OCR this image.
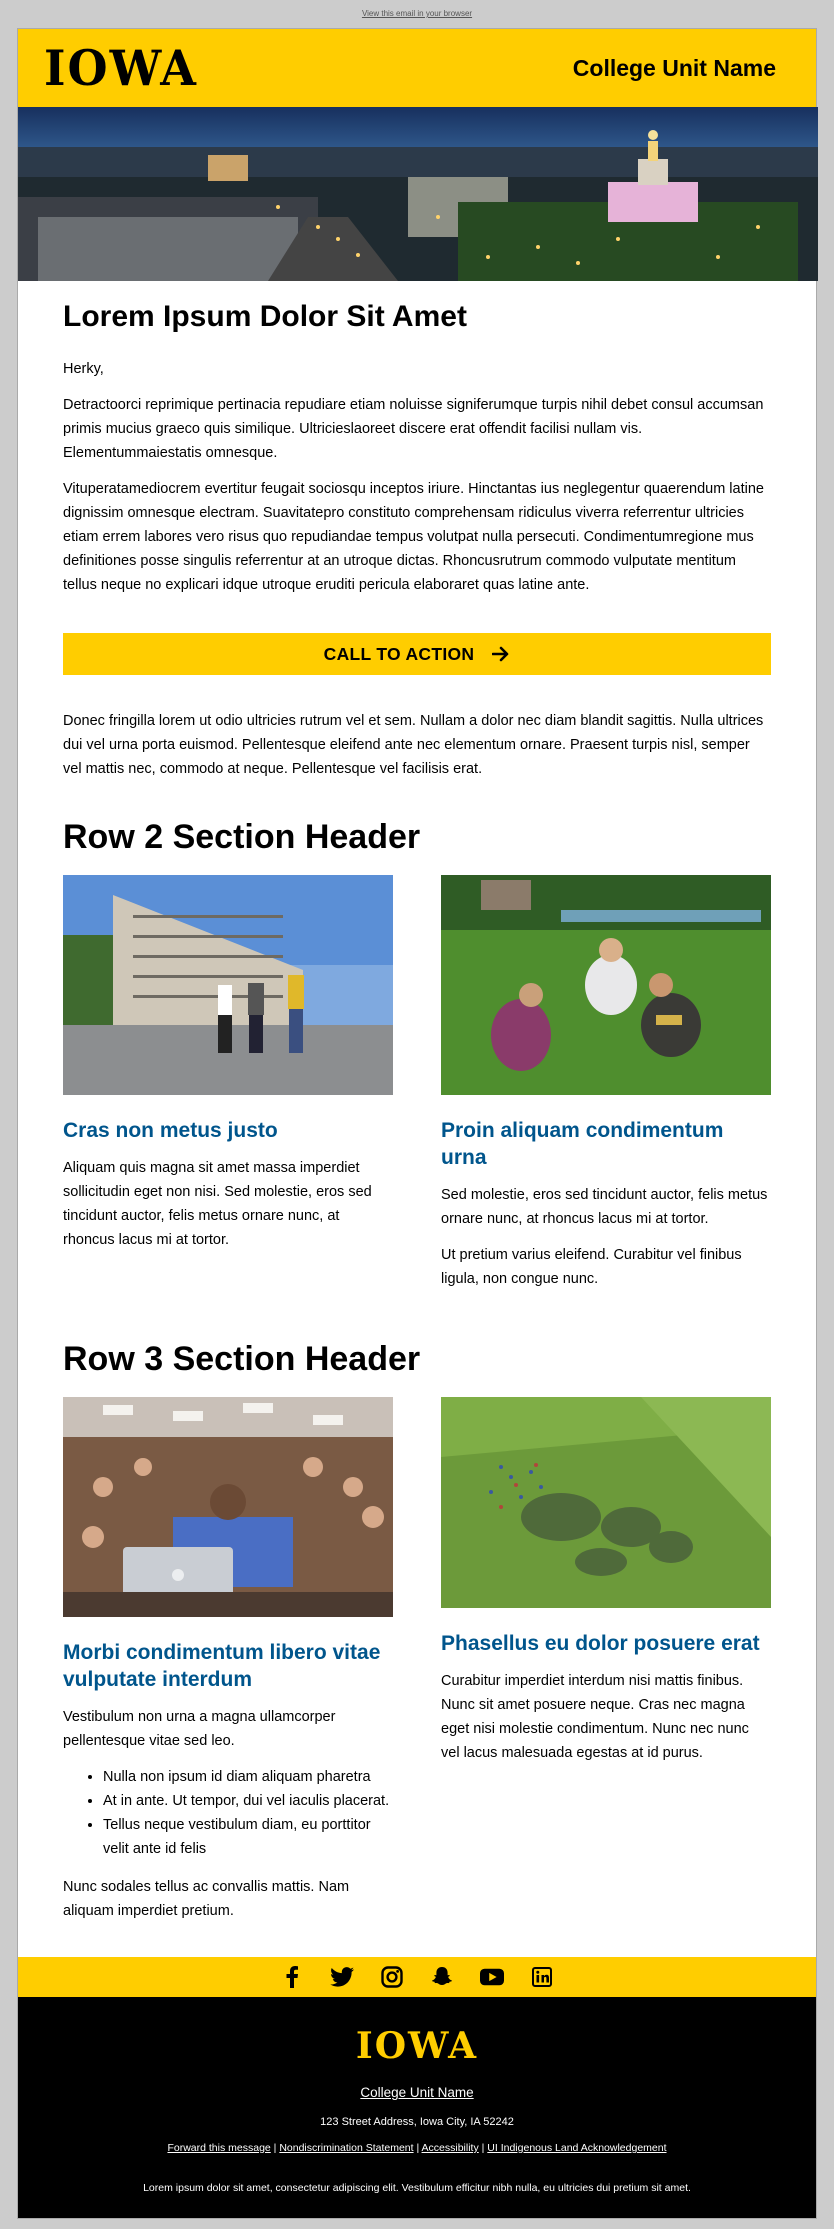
View this email in your browser
IOWA	College Unit Name
Lorem Ipsum Dolor Sit Amet

Herky,

Detractoorci reprimique pertinacia repudiare etiam noluisse signiferumque turpis nihil debet consul accumsan primis mucius graeco quis similique. Ultricieslaoreet discere erat offendit facilisi nullam vis. Elementummaiestatis omnesque.

Vituperatamediocrem evertitur feugait sociosqu inceptos iriure. Hinctantas ius neglegentur quaerendum latine dignissim omnesque electram. Suavitatepro constituto comprehensam ridiculus viverra referrentur ultricies etiam errem labores vero risus quo repudiandae tempus volutpat nulla persecuti. Condimentumregione mus definitiones posse singulis referrentur at an utroque dictas. Rhoncusrutrum commodo vulputate mentitum tellus neque no explicari idque utroque eruditi pericula elaboraret quas latine ante.

CALL TO ACTION

Donec fringilla lorem ut odio ultricies rutrum vel et sem. Nullam a dolor nec diam blandit sagittis. Nulla ultrices dui vel urna porta euismod. Pellentesque eleifend ante nec elementum ornare. Praesent turpis nisl, semper vel mattis nec, commodo at neque. Pellentesque vel facilisis erat.

Row 2 Section Header
Cras non metus justo

Aliquam quis magna sit amet massa imperdiet sollicitudin eget non nisi. Sed molestie, eros sed tincidunt auctor, felis metus ornare nunc, at rhoncus lacus mi at tortor.

Proin aliquam condimentum urna

Sed molestie, eros sed tincidunt auctor, felis metus ornare nunc, at rhoncus lacus mi at tortor.

Ut pretium varius eleifend. Curabitur vel finibus ligula, non congue nunc.

Row 3 Section Header
Morbi condimentum libero vitae vulputate interdum

Vestibulum non urna a magna ullamcorper pellentesque vitae sed leo.

• Nulla non ipsum id diam aliquam pharetra
• At in ante. Ut tempor, dui vel iaculis placerat.
• Tellus neque vestibulum diam, eu porttitor velit ante id felis

Nunc sodales tellus ac convallis mattis. Nam aliquam imperdiet pretium.

Phasellus eu dolor posuere erat

Curabitur imperdiet interdum nisi mattis finibus. Nunc sit amet posuere neque. Cras nec magna eget nisi molestie condimentum. Nunc nec nunc vel lacus malesuada egestas at id purus.

IOWA
College Unit Name
123 Street Address, Iowa City, IA 52242
Forward this message | Nondiscrimination Statement | Accessibility | UI Indigenous Land Acknowledgement
Lorem ipsum dolor sit amet, consectetur adipiscing elit. Vestibulum efficitur nibh nulla, eu ultricies dui pretium sit amet.
